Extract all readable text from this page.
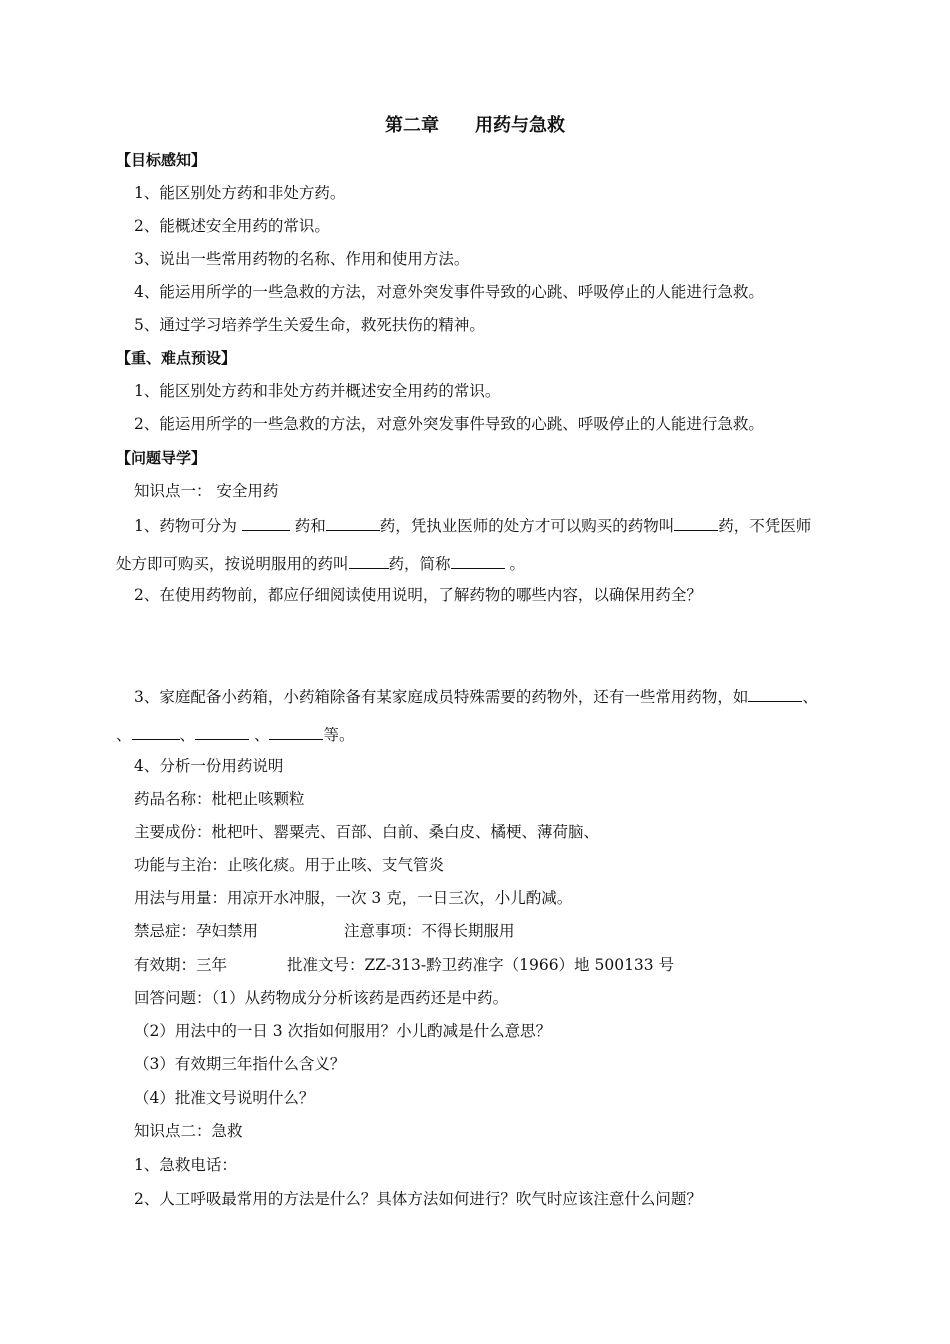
第二章 用药与急救
【目标感知】
1、能区别处方药和非处方药。
2、能概述安全用药的常识。
3、说出一些常用药物的名称、作用和使用方法。
4、能运用所学的一些急救的方法，对意外突发事件导致的心跳、呼吸停止的人能进行急救。
5、通过学习培养学生关爱生命，救死扶伤的精神。
【重、难点预设】
1、能区别处方药和非处方药并概述安全用药的常识。
2、能运用所学的一些急救的方法，对意外突发事件导致的心跳、呼吸停止的人能进行急救。
【问题导学】
知识点一： 安全用药
1、药物可分为	药和	药，凭执业医师的处方才可以购买的药物叫	药，不凭医师
处方即可购买，按说明服用的药叫	药，简称	。
2、在使用药物前，都应仔细阅读使用说明，了解药物的哪些内容，以确保用药全？
3、家庭配备小药箱，小药箱除备有某家庭成员特殊需要的药物外，还有一些常用药物，如	、
、	、	、	等。
4、分析一份用药说明
药品名称：枇杷止咳颗粒
主要成份：枇杷叶、罂粟壳、百部、白前、桑白皮、橘梗、薄荷脑、
功能与主治：止咳化痰。用于止咳、支气管炎
用法与用量：用凉开水冲服，一次 3 克，一日三次，小儿酌减。
禁忌症：孕妇禁用	注意事项：不得长期服用
有效期：三年	批准文号：ZZ-313-黔卫药准字（1966）地 500133 号
回答问题：（1）从药物成分分析该药是西药还是中药。
（2）用法中的一日 3 次指如何服用？小儿酌减是什么意思？
（3）有效期三年指什么含义？
（4）批准文号说明什么？
知识点二：急救
1、急救电话：
2、人工呼吸最常用的方法是什么？具体方法如何进行？吹气时应该注意什么问题？
